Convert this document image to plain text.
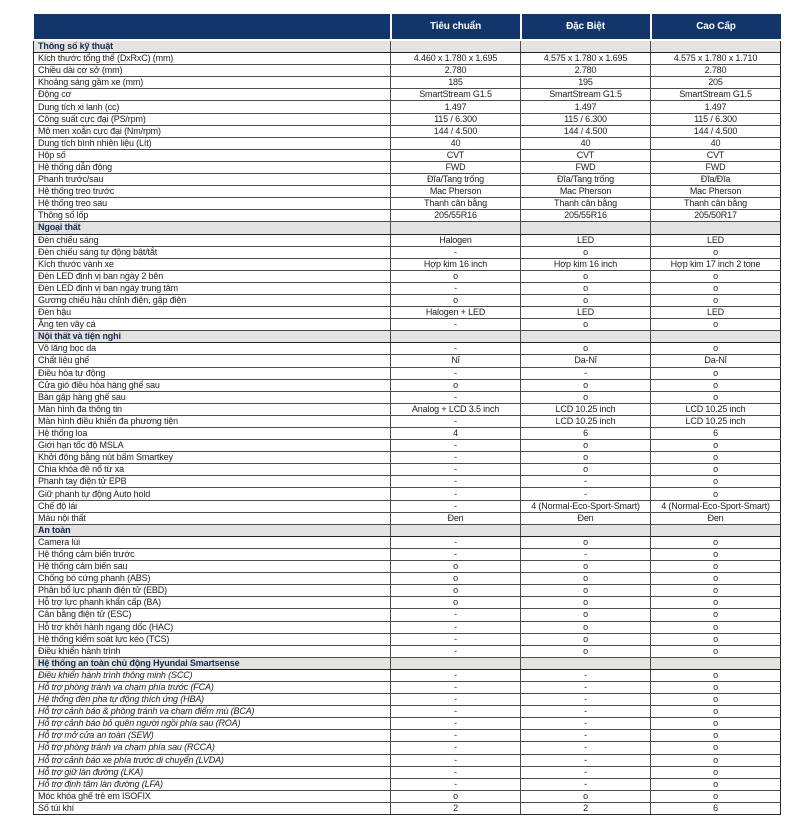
	Tiêu chuẩn	Đặc Biệt	Cao Cấp
Thông số kỹ thuật			
Kích thước tổng thể (DxRxC) (mm)	4.460 x 1.780 x 1.695	4.575 x 1.780 x 1.695	4.575 x 1.780 x 1.710
Chiều dài cơ sở (mm)	2.780	2.780	2.780
Khoảng sáng gầm xe (mm)	185	195	205
Động cơ	SmartStream G1.5	SmartStream G1.5	SmartStream G1.5
Dung tích xi lanh (cc)	1.497	1.497	1.497
Công suất cực đại (PS/rpm)	115 / 6.300	115 / 6.300	115 / 6.300
Mô men xoắn cực đại (Nm/rpm)	144 / 4.500	144 / 4.500	144 / 4.500
Dung tích bình nhiên liệu (Lít)	40	40	40
Hộp số	CVT	CVT	CVT
Hệ thống dẫn động	FWD	FWD	FWD
Phanh trước/sau	Đĩa/Tang trống	Đĩa/Tang trống	Đĩa/Đĩa
Hệ thống treo trước	Mac Pherson	Mac Pherson	Mac Pherson
Hệ thống treo sau	Thanh cân bằng	Thanh cân bằng	Thanh cân bằng
Thông số lốp	205/55R16	205/55R16	205/50R17
Ngoại thất			
Đèn chiếu sáng	Halogen	LED	LED
Đèn chiếu sáng tự động bật/tắt	-	o	o
Kích thước vành xe	Hợp kim 16 inch	Hợp kim 16 inch	Hợp kim 17 inch 2 tone
Đèn LED định vị ban ngày 2 bên	o	o	o
Đèn LED định vị ban ngày trung tâm	-	o	o
Gương chiếu hậu chỉnh điện, gập điện	o	o	o
Đèn hậu	Halogen + LED	LED	LED
Ăng ten vây cá	-	o	o
Nội thất và tiện nghi			
Vô lăng bọc da	-	o	o
Chất liệu ghế	Nỉ	Da-Nỉ	Da-Nỉ
Điều hòa tự động	-	-	o
Cửa gió điều hòa hàng ghế sau	o	o	o
Bàn gập hàng ghế sau	-	o	o
Màn hình đa thông tin	Analog + LCD 3.5 inch	LCD 10.25 inch	LCD 10.25 inch
Màn hình điều khiển đa phương tiện	-	LCD 10.25 inch	LCD 10.25 inch
Hệ thống loa	4	6	6
Giới hạn tốc độ MSLA	-	o	o
Khởi động bằng nút bấm Smartkey	-	o	o
Chìa khóa đề nổ từ xa	-	o	o
Phanh tay điện tử EPB	-	-	o
Giữ phanh tự động Auto hold	-	-	o
Chế độ lái	-	4 (Normal-Eco-Sport-Smart)	4 (Normal-Eco-Sport-Smart)
Màu nội thất	Đen	Đen	Đen
An toàn			
Camera lùi	-	o	o
Hệ thống cảm biến trước	-	-	o
Hệ thống cảm biến sau	o	o	o
Chống bó cứng phanh (ABS)	o	o	o
Phân bổ lực phanh điện tử (EBD)	o	o	o
Hỗ trợ lực phanh khẩn cấp (BA)	o	o	o
Cân bằng điện tử (ESC)	-	o	o
Hỗ trợ khởi hành ngang dốc (HAC)	-	o	o
Hệ thống kiểm soát lực kéo (TCS)	-	o	o
Điều khiển hành trình	-	o	o
Hệ thống an toàn chủ động Hyundai Smartsense			
Điều khiển hành trình thông minh (SCC)	-	-	o
Hỗ trợ phòng tránh va chạm phía trước (FCA)	-	-	o
Hệ thống đèn pha tự động thích ứng (HBA)	-	-	o
Hỗ trợ cảnh báo & phòng tránh va chạm điểm mù (BCA)	-	-	o
Hỗ trợ cảnh báo bỏ quên người ngồi phía sau (ROA)	-	-	o
Hỗ trợ mở cửa an toàn (SEW)	-	-	o
Hỗ trợ phòng tránh va chạm phía sau (RCCA)	-	-	o
Hỗ trợ cảnh báo xe phía trước di chuyển (LVDA)	-	-	o
Hỗ trợ giữ làn đường (LKA)	-	-	o
Hỗ trợ định tâm làn đường (LFA)	-	-	o
Móc khóa ghế trẻ em ISOFIX	o	o	o
Số túi khí	2	2	6
